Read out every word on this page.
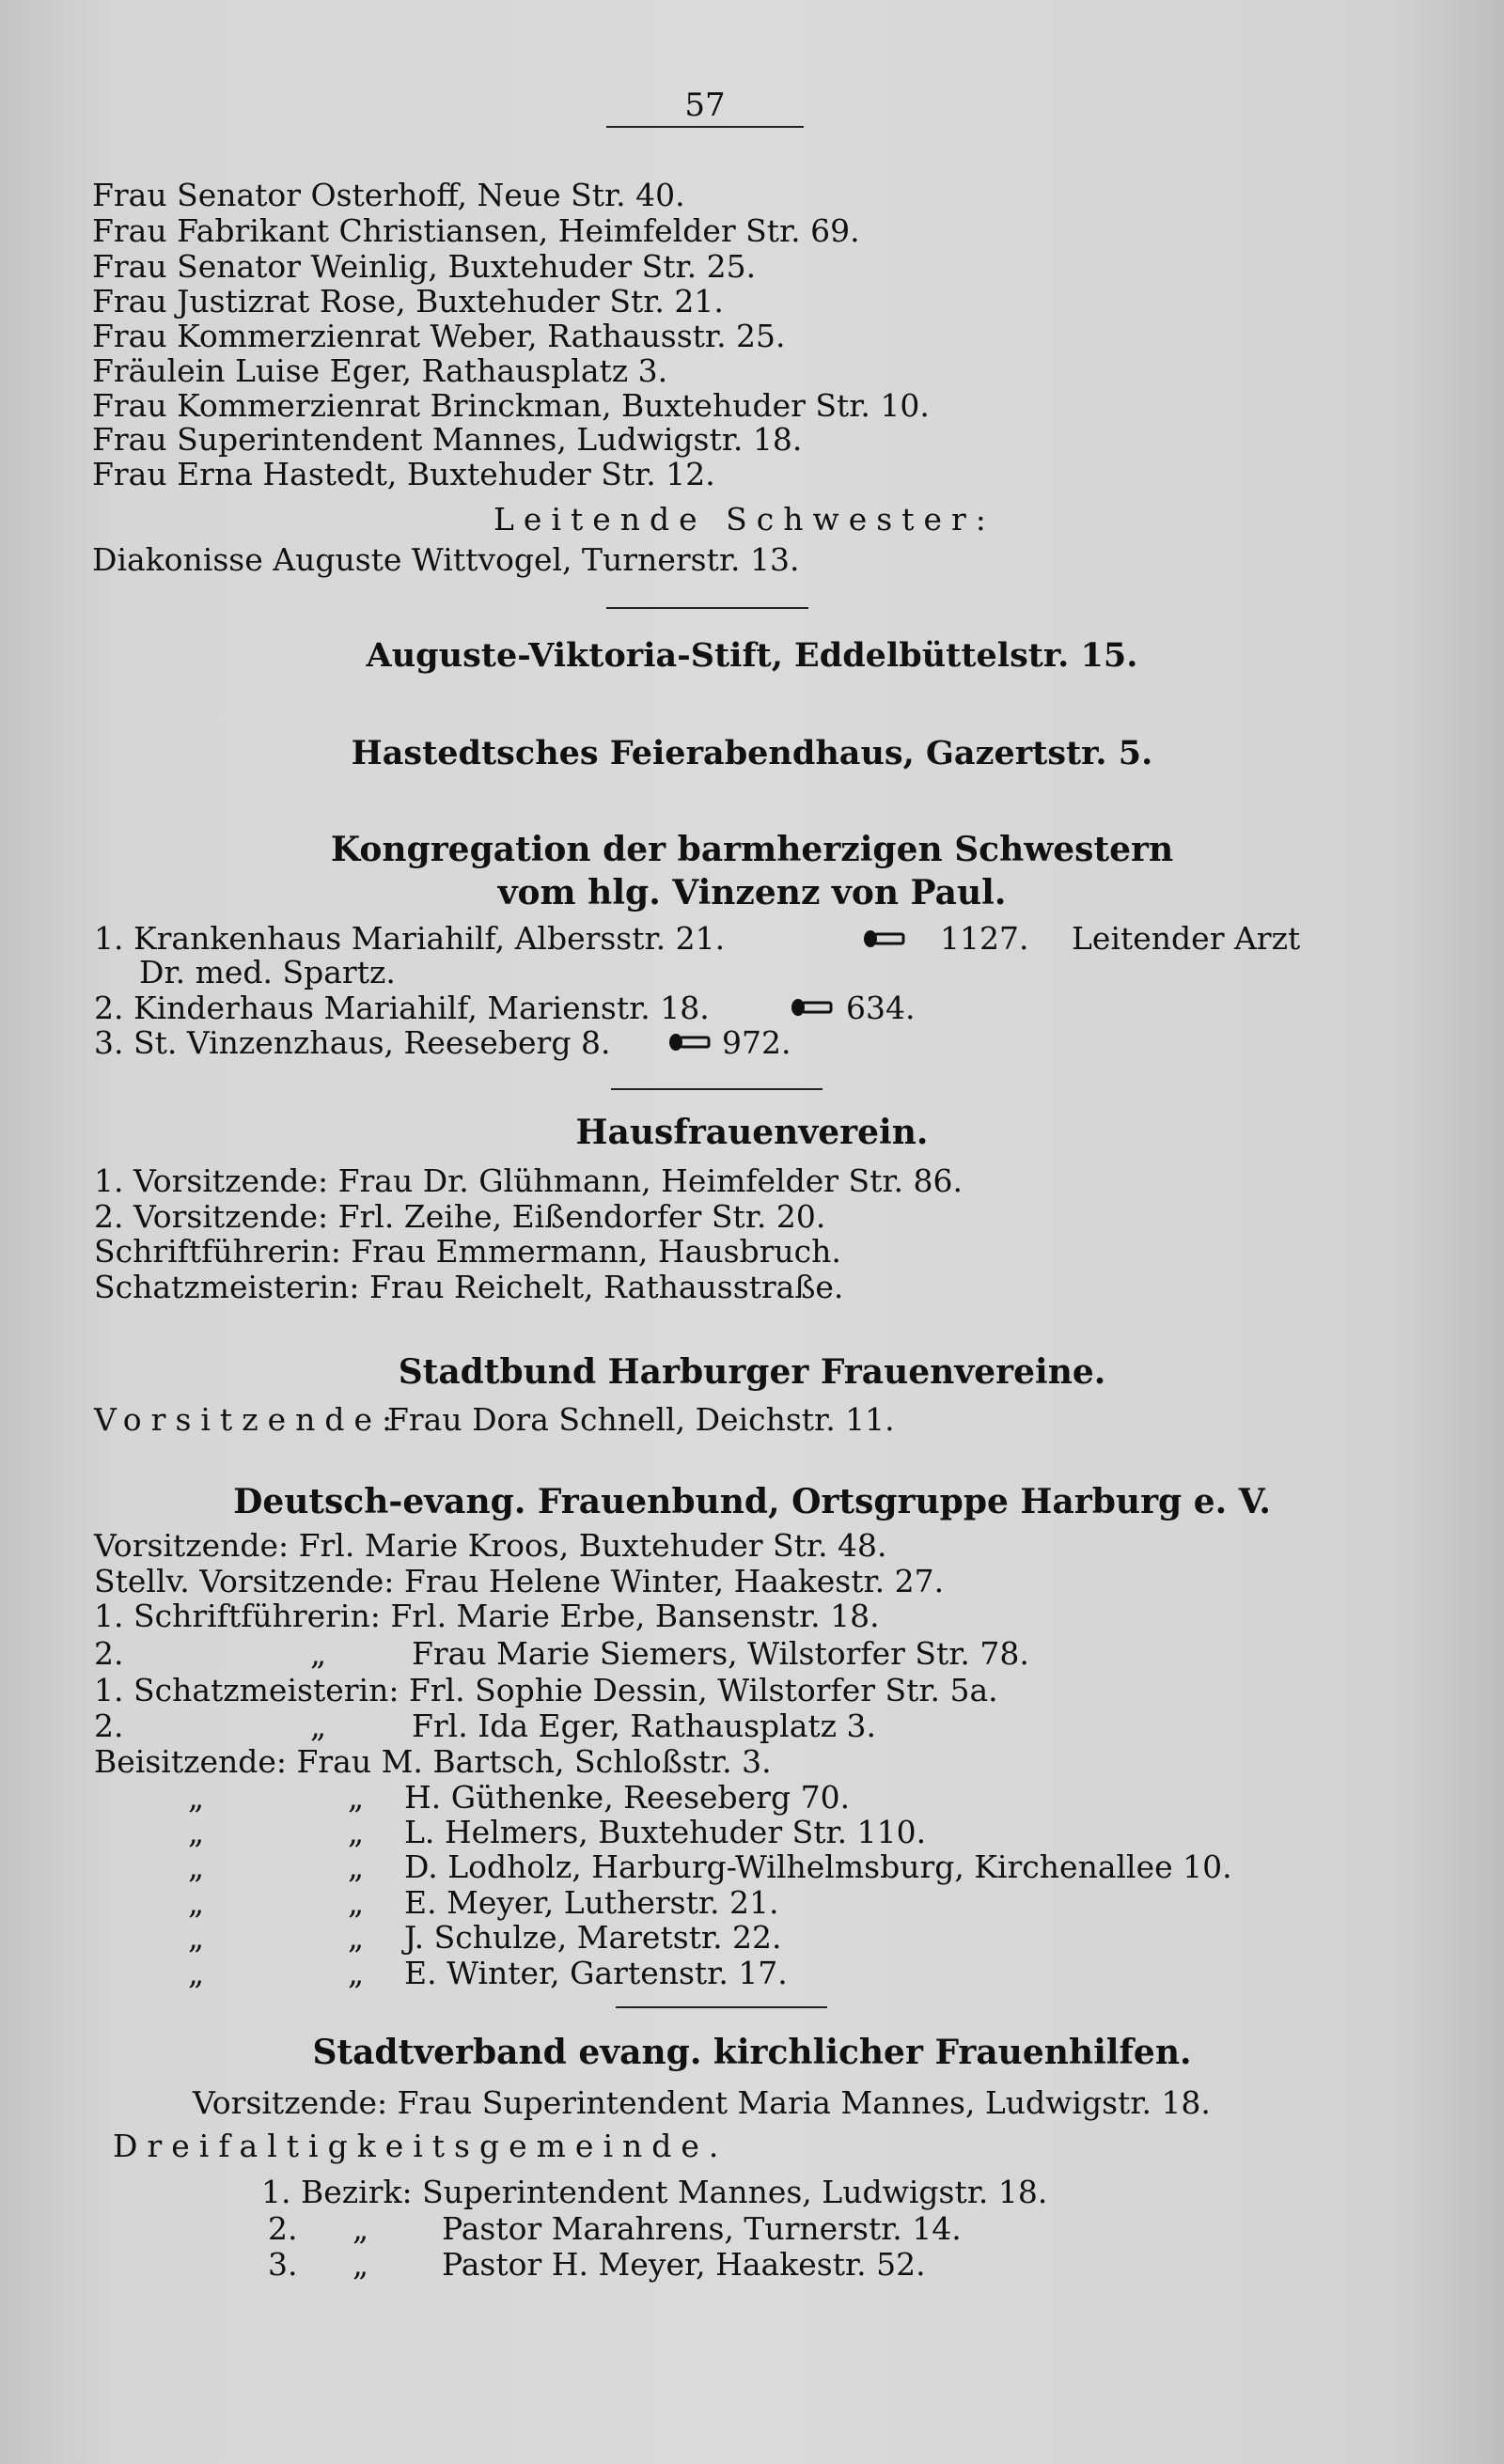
57
Frau Senator Osterhoff, Neue Str. 40.
Frau Fabrikant Christiansen, Heimfelder Str. 69.
Frau Senator Weinlig, Buxtehuder Str. 25.
Frau Justizrat Rose, Buxtehuder Str. 21.
Frau Kommerzienrat Weber, Rathausstr. 25.
Fräulein Luise Eger, Rathausplatz 3.
Frau Kommerzienrat Brinckman, Buxtehuder Str. 10.
Frau Superintendent Mannes, Ludwigstr. 18.
Frau Erna Hastedt, Buxtehuder Str. 12.
Leitende Schwester:
Diakonisse Auguste Wittvogel, Turnerstr. 13.
Auguste-Viktoria-Stift, Eddelbüttelstr. 15.
Hastedtsches Feierabendhaus, Gazertstr. 5.
Kongregation der barmherzigen Schwestern
vom hlg. Vinzenz von Paul.
1. Krankenhaus Mariahilf, Albersstr. 21.	1127. Leitender Arzt
Dr. med. Spartz.
2. Kinderhaus Mariahilf, Marienstr. 18.	634.
3. St. Vinzenzhaus, Reeseberg 8.	972.
Hausfrauenverein.
1. Vorsitzende: Frau Dr. Glühmann, Heimfelder Str. 86.
2. Vorsitzende: Frl. Zeihe, Eißendorfer Str. 20.
Schriftführerin: Frau Emmermann, Hausbruch.
Schatzmeisterin: Frau Reichelt, Rathausstraße.
Stadtbund Harburger Frauenvereine.
Vorsitzende:
Frau Dora Schnell, Deichstr. 11.
Deutsch-evang. Frauenbund, Ortsgruppe Harburg e. V.
Vorsitzende: Frl. Marie Kroos, Buxtehuder Str. 48.
Stellv. Vorsitzende: Frau Helene Winter, Haakestr. 27.
1. Schriftführerin: Frl. Marie Erbe, Bansenstr. 18.
2.	„	Frau Marie Siemers, Wilstorfer Str. 78.
1. Schatzmeisterin: Frl. Sophie Dessin, Wilstorfer Str. 5a.
2.	„	Frl. Ida Eger, Rathausplatz 3.
Beisitzende: Frau M. Bartsch, Schloßstr. 3.
„	„ H. Güthenke, Reeseberg 70.
„	„ L. Helmers, Buxtehuder Str. 110.
„	„ D. Lodholz, Harburg-Wilhelmsburg, Kirchenallee 10.
„	„ E. Meyer, Lutherstr. 21.
„	„ J. Schulze, Maretstr. 22.
„	„ E. Winter, Gartenstr. 17.
Stadtverband evang. kirchlicher Frauenhilfen.
Vorsitzende: Frau Superintendent Maria Mannes, Ludwigstr. 18.
Dreifaltigkeitsgemeinde.
1. Bezirk: Superintendent Mannes, Ludwigstr. 18.
2. „ Pastor Marahrens, Turnerstr. 14.
3. „ Pastor H. Meyer, Haakestr. 52.
